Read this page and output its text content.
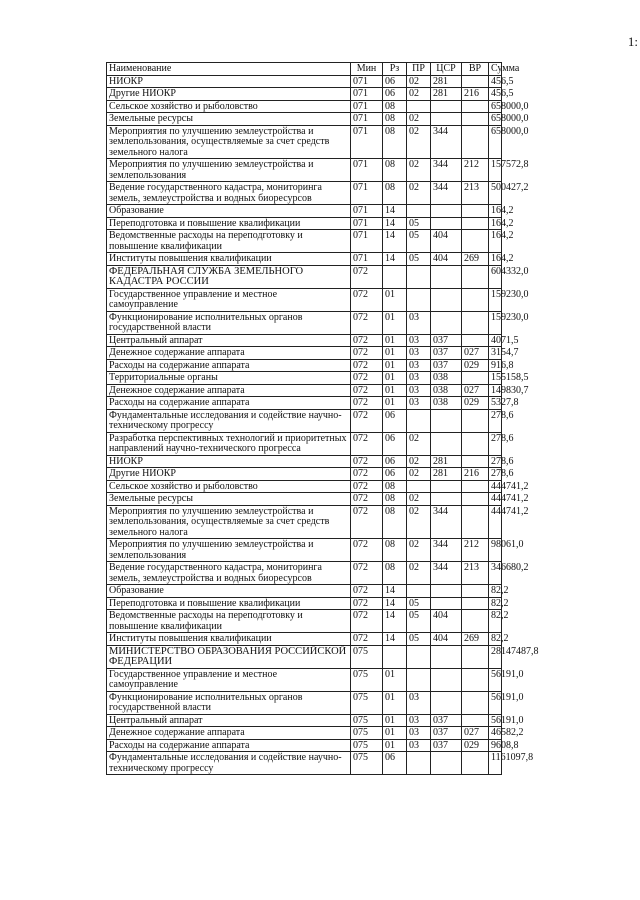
1:
Наименование	Мин	Рз	ПР	ЦСР	ВР	Сумма
НИОКР	071	06	02	281		456,5
Другие НИОКР	071	06	02	281	216	456,5
Сельское хозяйство и рыболовство	071	08				658000,0
Земельные ресурсы	071	08	02			658000,0
Мероприятия по улучшению землеустройства и землепользования, осуществляемые за счет средств земельного налога	071	08	02	344		658000,0
Мероприятия по улучшению землеустройства и землепользования	071	08	02	344	212	157572,8
Ведение государственного кадастра, мониторинга земель, землеустройства и водных биоресурсов	071	08	02	344	213	500427,2
Образование	071	14				164,2
Переподготовка и повышение квалификации	071	14	05			164,2
Ведомственные расходы на переподготовку и повышение квалификации	071	14	05	404		164,2
Институты повышения квалификации	071	14	05	404	269	164,2
ФЕДЕРАЛЬНАЯ СЛУЖБА ЗЕМЕЛЬНОГО КАДАСТРА РОССИИ	072					604332,0
Государственное управление и местное самоуправление	072	01				159230,0
Функционирование исполнительных органов государственной власти	072	01	03			159230,0
Центральный аппарат	072	01	03	037		4071,5
Денежное содержание аппарата	072	01	03	037	027	3154,7
Расходы на содержание аппарата	072	01	03	037	029	916,8
Территориальные органы	072	01	03	038		155158,5
Денежное содержание аппарата	072	01	03	038	027	149830,7
Расходы на содержание аппарата	072	01	03	038	029	5327,8
Фундаментальные исследования и содействие научно-техническому прогрессу	072	06				278,6
Разработка перспективных технологий и приоритетных направлений научно-технического прогресса	072	06	02			278,6
НИОКР	072	06	02	281		278,6
Другие НИОКР	072	06	02	281	216	278,6
Сельское хозяйство и рыболовство	072	08				444741,2
Земельные ресурсы	072	08	02			444741,2
Мероприятия по улучшению землеустройства и землепользования, осуществляемые за счет средств земельного налога	072	08	02	344		444741,2
Мероприятия по улучшению землеустройства и землепользования	072	08	02	344	212	98061,0
Ведение государственного кадастра, мониторинга земель, землеустройства и водных биоресурсов	072	08	02	344	213	346680,2
Образование	072	14				82,2
Переподготовка и повышение квалификации	072	14	05			82,2
Ведомственные расходы на переподготовку и повышение квалификации	072	14	05	404		82,2
Институты повышения квалификации	072	14	05	404	269	82,2
МИНИСТЕРСТВО ОБРАЗОВАНИЯ РОССИЙСКОЙ ФЕДЕРАЦИИ	075					28147487,8
Государственное управление и местное самоуправление	075	01				56191,0
Функционирование исполнительных органов государственной власти	075	01	03			56191,0
Центральный аппарат	075	01	03	037		56191,0
Денежное содержание аппарата	075	01	03	037	027	46582,2
Расходы на содержание аппарата	075	01	03	037	029	9608,8
Фундаментальные исследования и содействие научно-техническому прогрессу	075	06				1161097,8
